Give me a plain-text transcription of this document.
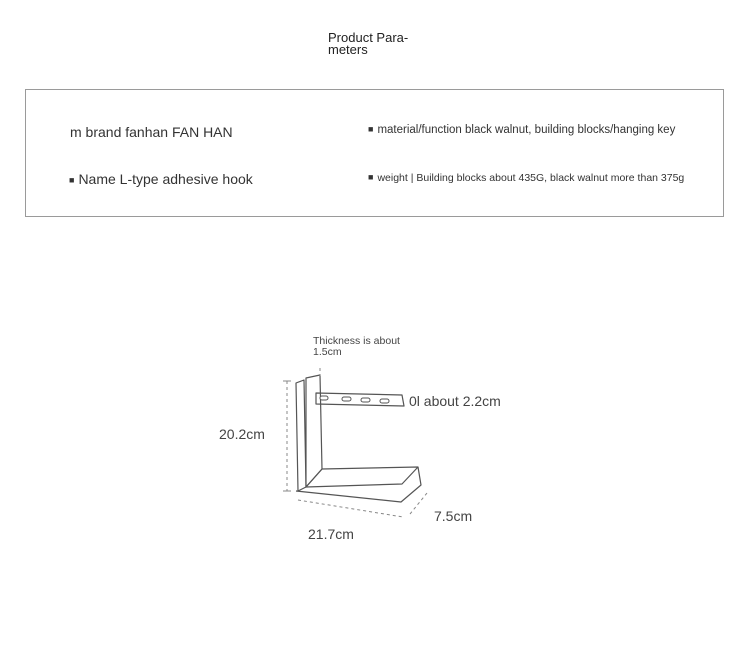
Product Para-
meters
m brand fanhan FAN HAN
■ Name L-type adhesive hook
■ material/function black walnut, building blocks/hanging key
■ weight | Building blocks about 435G, black walnut more than 375g
Thickness is about 1.5cm
20.2cm
0l about 2.2cm
7.5cm
21.7cm
